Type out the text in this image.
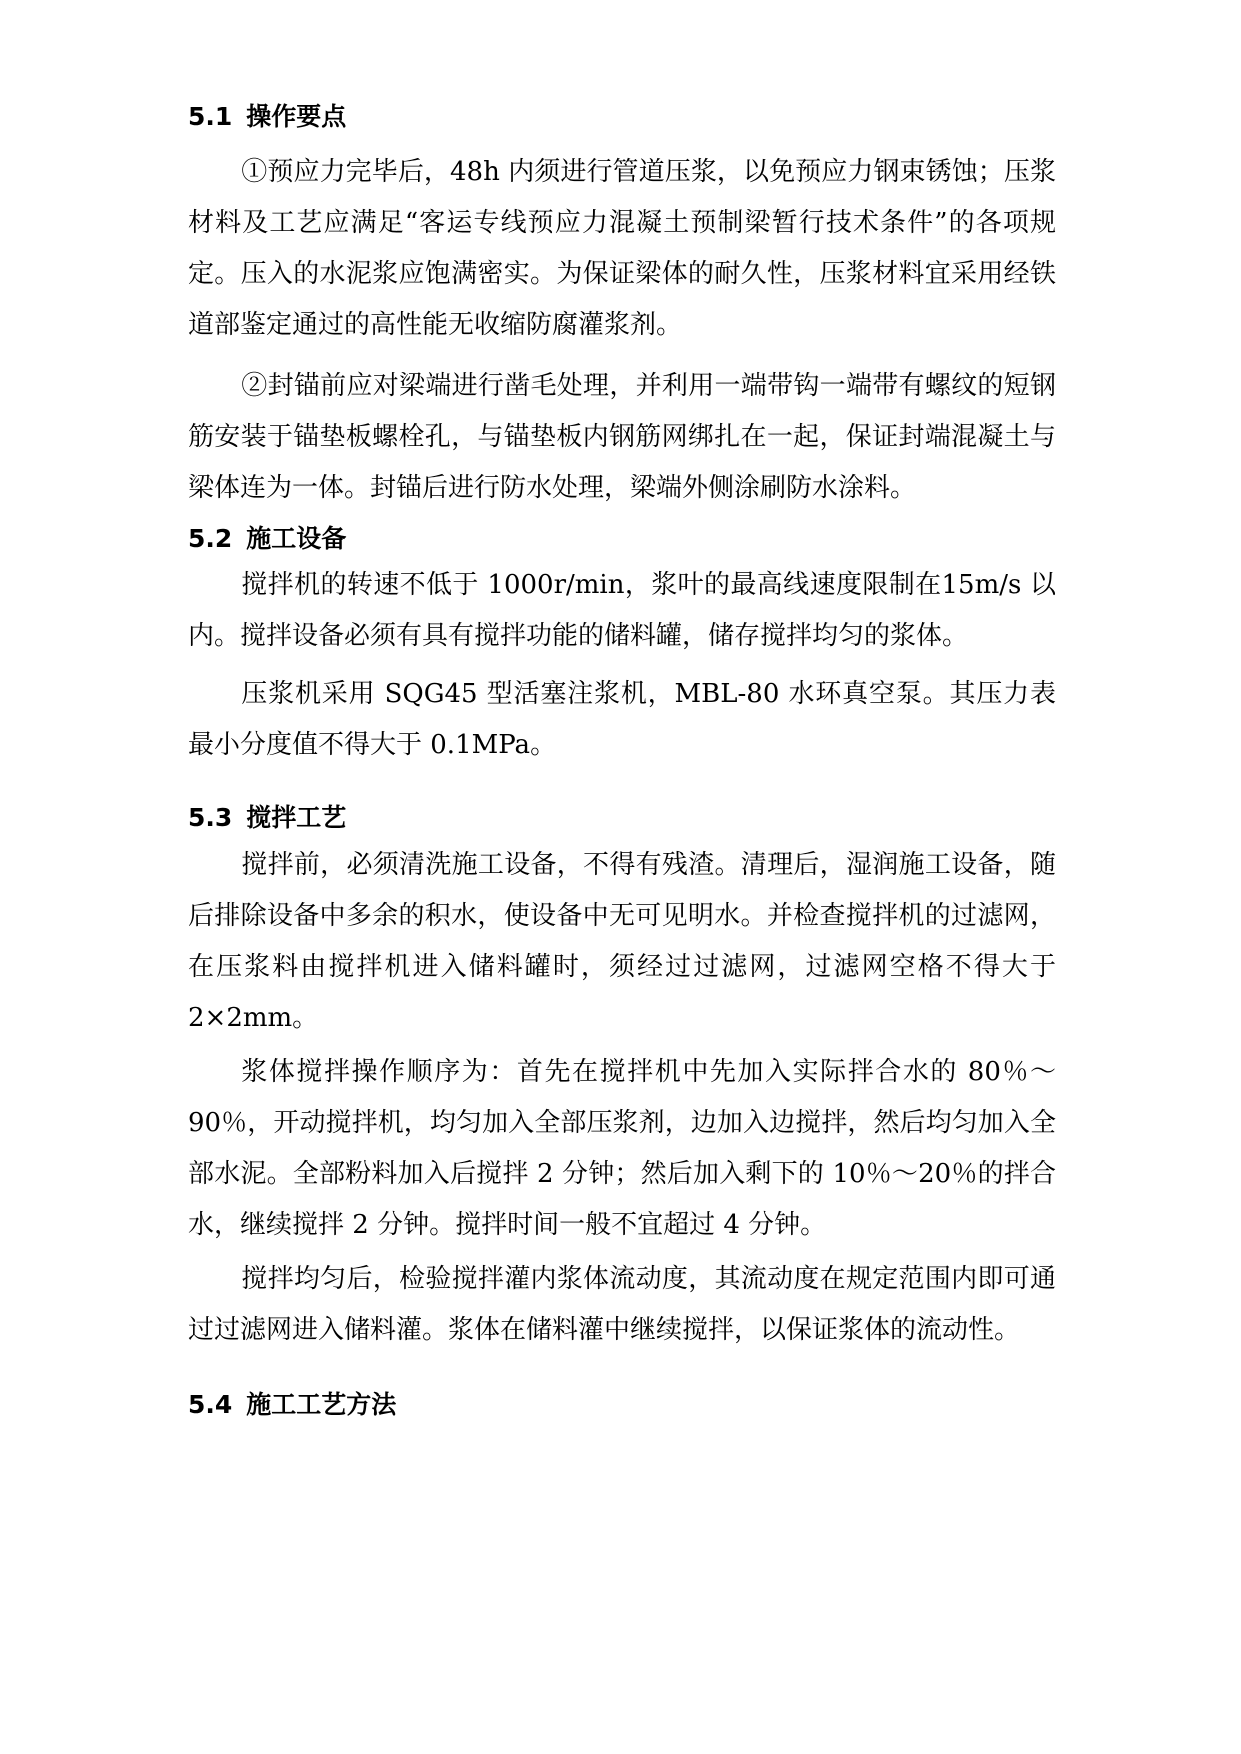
5.1 操作要点

①预应力完毕后，48h 内须进行管道压浆，以免预应力钢束锈蚀；压浆材料及工艺应满足“客运专线预应力混凝土预制梁暂行技术条件”的各项规定。压入的水泥浆应饱满密实。为保证梁体的耐久性，压浆材料宜采用经铁道部鉴定通过的高性能无收缩防腐灌浆剂。

②封锚前应对梁端进行凿毛处理，并利用一端带钩一端带有螺纹的短钢筋安装于锚垫板螺栓孔，与锚垫板内钢筋网绑扎在一起，保证封端混凝土与梁体连为一体。封锚后进行防水处理，梁端外侧涂刷防水涂料。

5.2 施工设备

搅拌机的转速不低于 1000r/min，浆叶的最高线速度限制在15m/s 以内。搅拌设备必须有具有搅拌功能的储料罐，储存搅拌均匀的浆体。

压浆机采用 SQG45 型活塞注浆机，MBL-80 水环真空泵。其压力表最小分度值不得大于 0.1MPa。

5.3 搅拌工艺

搅拌前，必须清洗施工设备，不得有残渣。清理后，湿润施工设备，随后排除设备中多余的积水，使设备中无可见明水。并检查搅拌机的过滤网，在压浆料由搅拌机进入储料罐时，须经过过滤网，过滤网空格不得大于 2×2mm。

浆体搅拌操作顺序为：首先在搅拌机中先加入实际拌合水的 80％～90％，开动搅拌机，均匀加入全部压浆剂，边加入边搅拌，然后均匀加入全部水泥。全部粉料加入后搅拌 2 分钟；然后加入剩下的 10％～20％的拌合水，继续搅拌 2 分钟。搅拌时间一般不宜超过 4 分钟。

搅拌均匀后，检验搅拌灌内浆体流动度，其流动度在规定范围内即可通过过滤网进入储料灌。浆体在储料灌中继续搅拌，以保证浆体的流动性。

5.4 施工工艺方法
